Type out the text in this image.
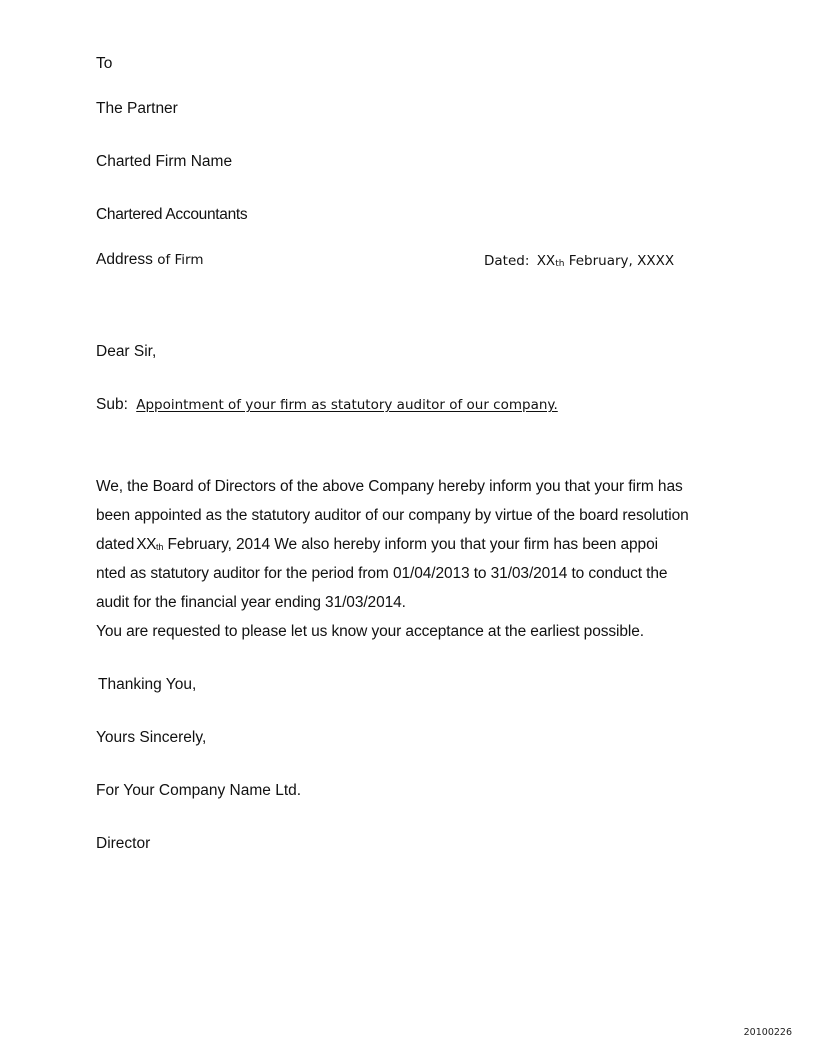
To
The Partner
Charted Firm Name
Chartered Accountants
Address of Firm	Dated: XXth February, XXXX
Dear Sir,
Sub: Appointment of your firm as statutory auditor of our company.
We, the Board of Directors of the above Company hereby inform you that your firm has
been appointed as the statutory auditor of our company by virtue of the board resolution
dated XXth February, 2014 We also hereby inform you that your firm has been appoi
nted as statutory auditor for the period from 01/04/2013 to 31/03/2014 to conduct the
audit for the financial year ending 31/03/2014.
You are requested to please let us know your acceptance at the earliest possible.
Thanking You,
Yours Sincerely,
For Your Company Name Ltd.
Director
20100226
